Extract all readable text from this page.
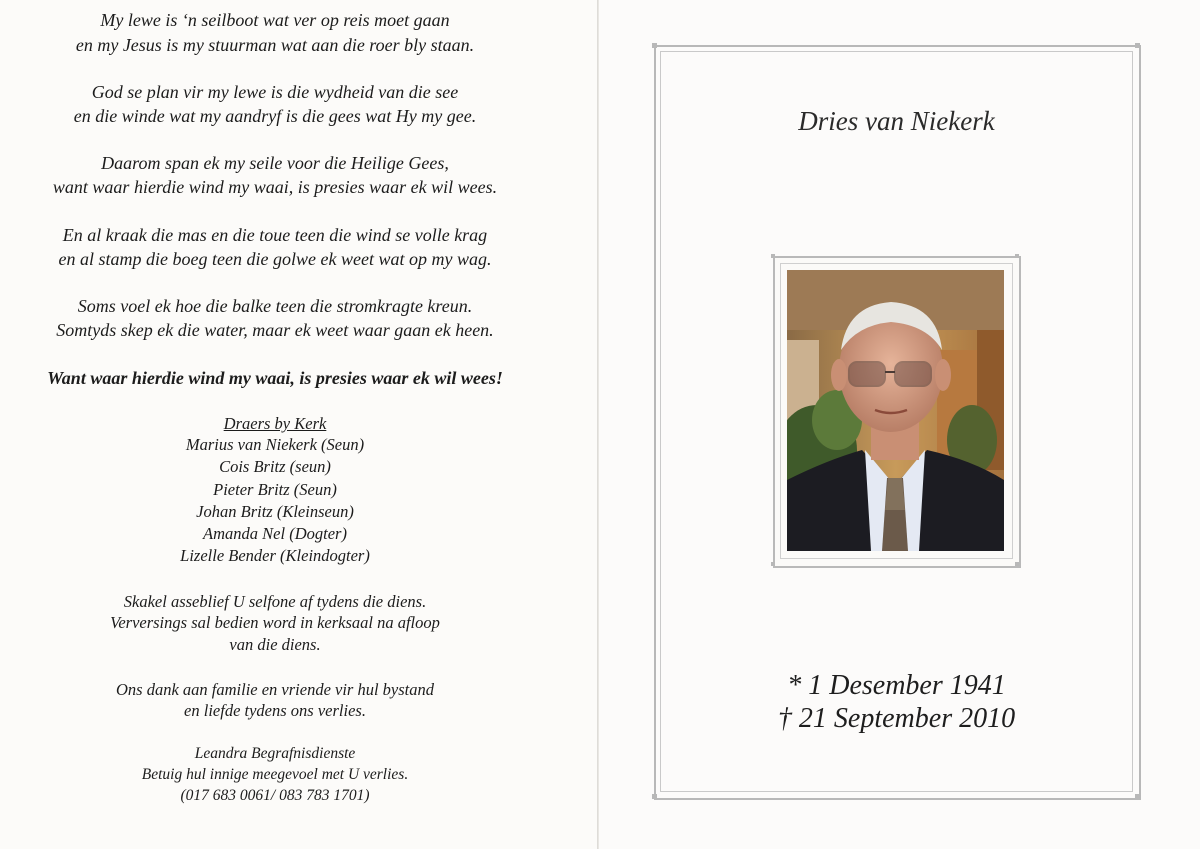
My lewe is ‘n seilboot wat ver op reis moet gaan
en my Jesus is my stuurman wat aan die roer bly staan.
God se plan vir my lewe is die wydheid van die see
en die winde wat my aandryf is die gees wat Hy my gee.
Daarom span ek my seile voor die Heilige Gees,
want waar hierdie wind my waai, is presies waar ek wil wees.
En al kraak die mas en die toue teen die wind se volle krag
en al stamp die boeg teen die golwe ek weet wat op my wag.
Soms voel ek hoe die balke teen die stromkragte kreun.
Somtyds skep ek die water, maar ek weet waar gaan ek heen.
Want waar hierdie wind my waai, is presies waar ek wil wees!
Draers by Kerk
Marius van Niekerk (Seun)
Cois Britz (seun)
Pieter Britz (Seun)
Johan Britz (Kleinseun)
Amanda Nel (Dogter)
Lizelle Bender (Kleindogter)
Skakel asseblief U selfone af tydens die diens.
Verversings sal bedien word in kerksaal na afloop
van die diens.
Ons dank aan familie en vriende vir hul bystand
en liefde tydens ons verlies.
Leandra Begrafnisdienste
Betuig hul innige meegevoel met U verlies.
(017 683 0061/ 083 783 1701)
Dries van Niekerk
* 1 Desember 1941
† 21 September 2010
